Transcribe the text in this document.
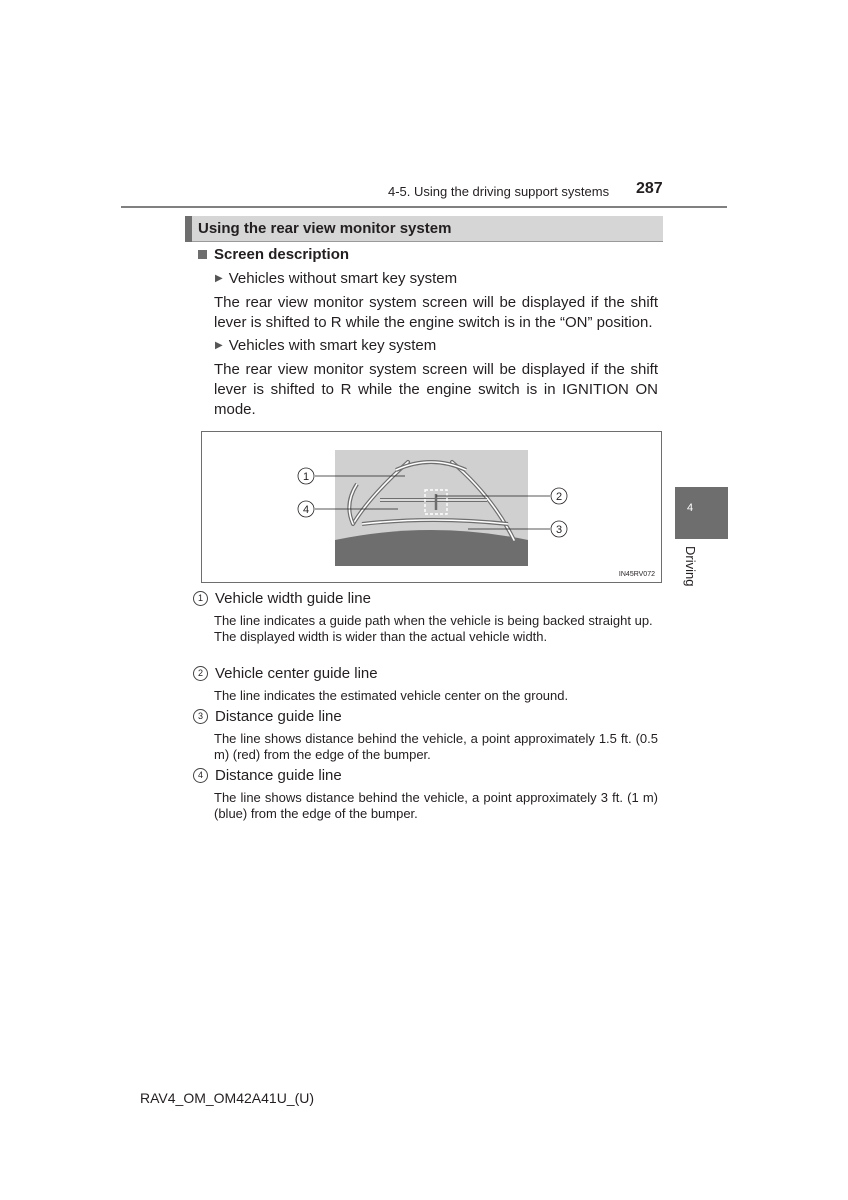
4-5. Using the driving support systems 287
Using the rear view monitor system
Screen description
▶ Vehicles without smart key system
The rear view monitor system screen will be displayed if the shift lever is shifted to R while the engine switch is in the “ON” position.
▶ Vehicles with smart key system
The rear view monitor system screen will be displayed if the shift lever is shifted to R while the engine switch is in IGNITION ON mode.
1
4
2
3
IN45RV072
4
Driving
1 Vehicle width guide line

The line indicates a guide path when the vehicle is being backed straight up.

The displayed width is wider than the actual vehicle width.

2 Vehicle center guide line

The line indicates the estimated vehicle center on the ground.

3 Distance guide line

The line shows distance behind the vehicle, a point approximately 1.5 ft. (0.5 m) (red) from the edge of the bumper.

4 Distance guide line

The line shows distance behind the vehicle, a point approximately 3 ft. (1 m) (blue) from the edge of the bumper.

RAV4_OM_OM42A41U_(U)
